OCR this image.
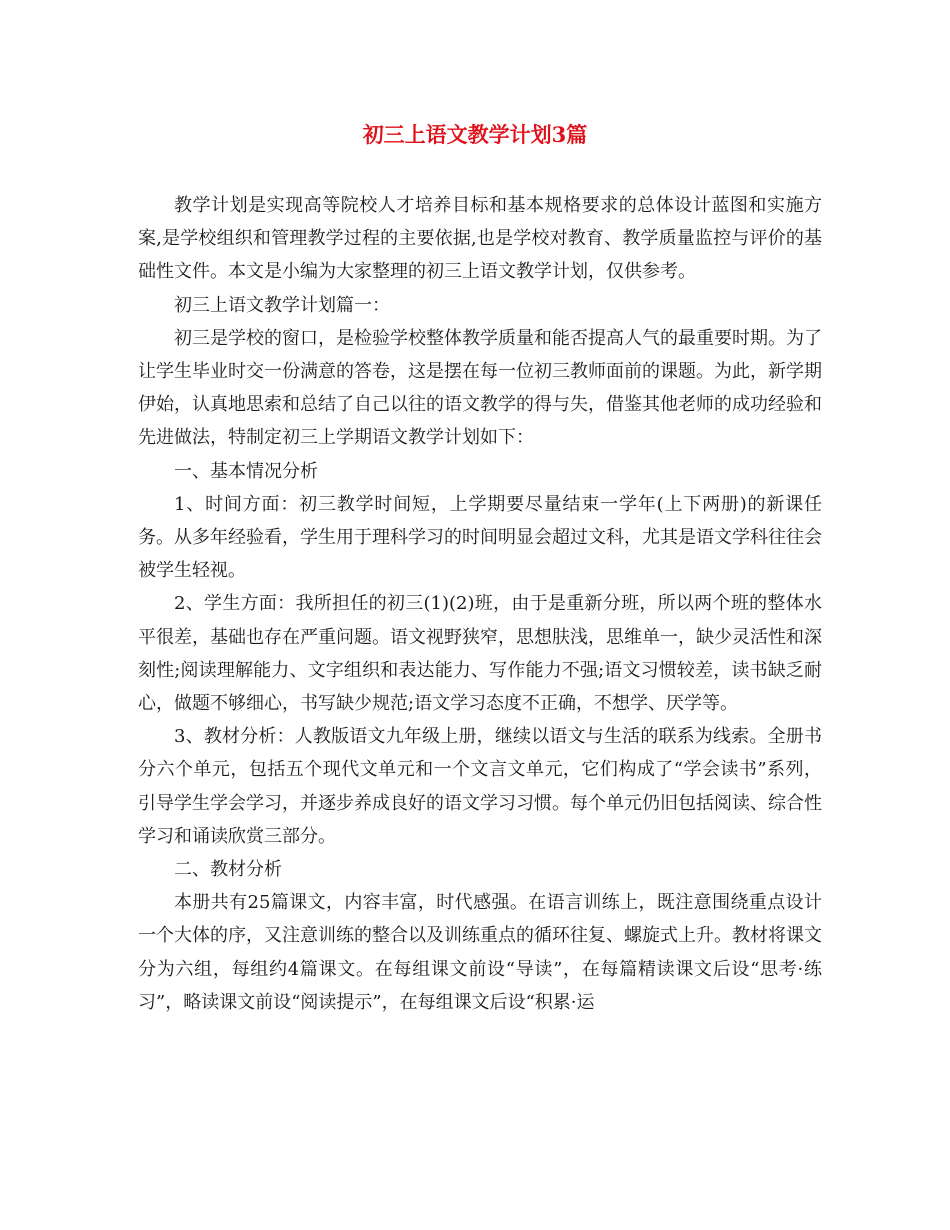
初三上语文教学计划3篇

教学计划是实现高等院校人才培养目标和基本规格要求的总体设计蓝图和实施方案,是学校组织和管理教学过程的主要依据,也是学校对教育、教学质量监控与评价的基础性文件。本文是小编为大家整理的初三上语文教学计划，仅供参考。

初三上语文教学计划篇一：

初三是学校的窗口，是检验学校整体教学质量和能否提高人气的最重要时期。为了让学生毕业时交一份满意的答卷，这是摆在每一位初三教师面前的课题。为此，新学期伊始，认真地思索和总结了自己以往的语文教学的得与失，借鉴其他老师的成功经验和先进做法，特制定初三上学期语文教学计划如下：

一、基本情况分析

1、时间方面：初三教学时间短，上学期要尽量结束一学年(上下两册)的新课任务。从多年经验看，学生用于理科学习的时间明显会超过文科，尤其是语文学科往往会被学生轻视。

2、学生方面：我所担任的初三(1)(2)班，由于是重新分班，所以两个班的整体水平很差，基础也存在严重问题。语文视野狭窄，思想肤浅，思维单一，缺少灵活性和深刻性;阅读理解能力、文字组织和表达能力、写作能力不强;语文习惯较差，读书缺乏耐心，做题不够细心，书写缺少规范;语文学习态度不正确，不想学、厌学等。

3、教材分析：人教版语文九年级上册，继续以语文与生活的联系为线索。全册书分六个单元，包括五个现代文单元和一个文言文单元，它们构成了“学会读书”系列，引导学生学会学习，并逐步养成良好的语文学习习惯。每个单元仍旧包括阅读、综合性学习和诵读欣赏三部分。

二、教材分析

本册共有25篇课文，内容丰富，时代感强。在语言训练上，既注意围绕重点设计一个大体的序，又注意训练的整合以及训练重点的循环往复、螺旋式上升。教材将课文分为六组，每组约4篇课文。在每组课文前设“导读”，在每篇精读课文后设“思考·练习”，略读课文前设“阅读提示”，在每组课文后设“积累·运
